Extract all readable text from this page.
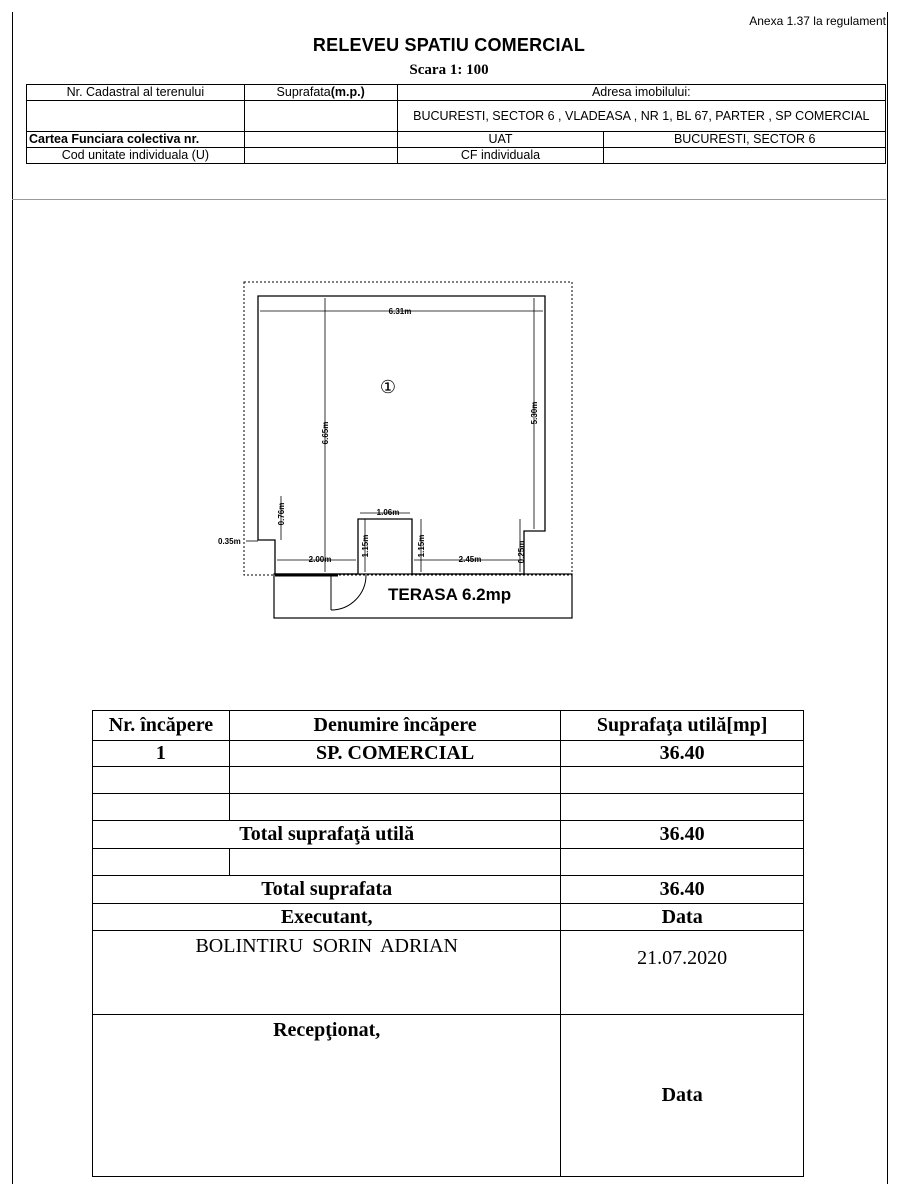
Anexa 1.37 la regulament
RELEVEU SPATIU COMERCIAL
Scara 1: 100
Nr. Cadastral al terenului	Suprafata(m.p.)	Adresa imobilului:	
		BUCURESTI, SECTOR 6 , VLADEASA , NR 1, BL 67, PARTER , SP COMERCIAL	
Cartea Funciara colectiva nr.		UAT	BUCURESTI, SECTOR 6
Cod unitate individuala (U)		CF individuala	
6.31m
6.65m
5.30m
①
0.76m
0.35m
2.00m
1.15m
1.06m
1.15m
2.45m	0.25m
TERASA 6.2mp
Nr. încăpere	Denumire încăpere	Suprafaţa utilă[mp]
1	SP. COMERCIAL	36.40

Total suprafaţă utilă		36.40

Total suprafata		36.40
Executant,		Data
BOLINTIRU SORIN ADRIAN		21.07.2020
Recepţionat,		Data
